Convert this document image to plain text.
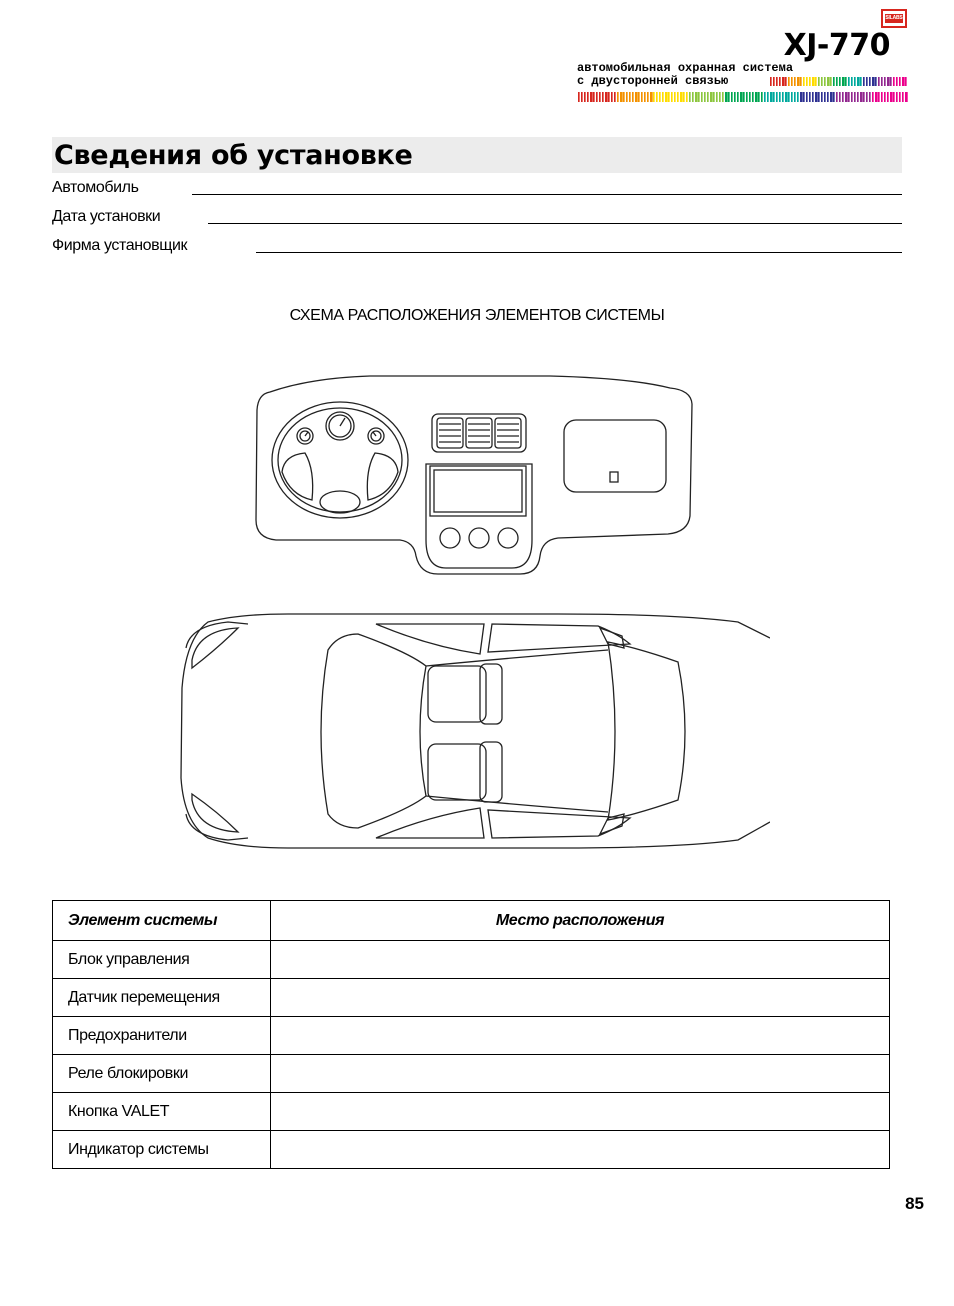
SILABS
XJ-770
автомобильная охранная система
с двусторонней связью
Сведения об установке
Автомобиль
Дата установки
Фирма установщик
СХЕМА РАСПОЛОЖЕНИЯ ЭЛЕМЕНТОВ СИСТЕМЫ
Элемент системы	Место расположения
Блок управления	
Датчик перемещения	
Предохранители	
Реле блокировки	
Кнопка VALET	
Индикатор системы	
85
